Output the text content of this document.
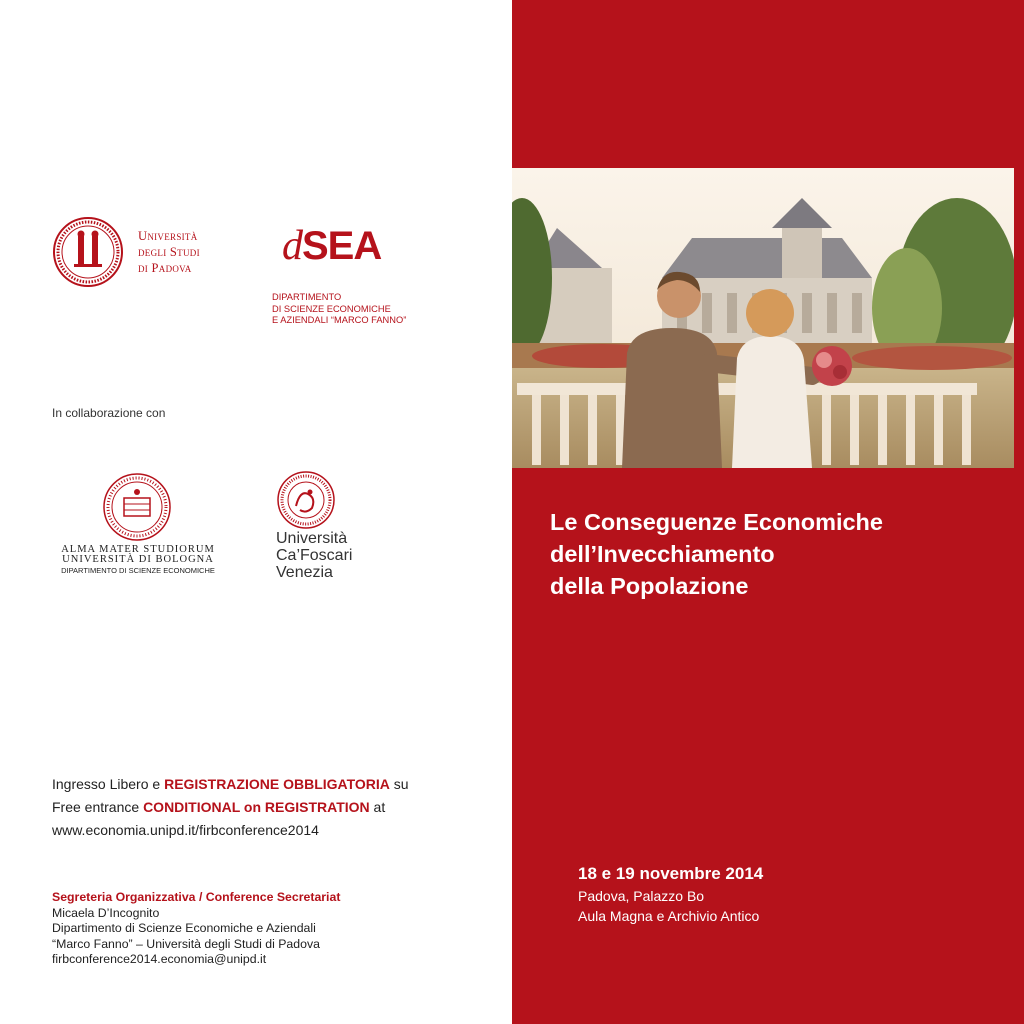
Università
degli Studi
di Padova dSEA
DIPARTIMENTO
DI SCIENZE ECONOMICHE
E AZIENDALI “MARCO FANNO”
In collaborazione con
ALMA MATER STUDIORUM
UNIVERSITÀ DI BOLOGNA
DIPARTIMENTO DI SCIENZE ECONOMICHE
Università
Ca’Foscari
Venezia
Ingresso Libero e REGISTRAZIONE OBBLIGATORIA su
Free entrance CONDITIONAL on REGISTRATION at
www.economia.unipd.it/firbconference2014
Segreteria Organizzativa / Conference Secretariat
Micaela D’Incognito
Dipartimento di Scienze Economiche e Aziendali
“Marco Fanno” – Università degli Studi di Padova
firbconference2014.economia@unipd.it
Le Conseguenze Economiche
dell’Invecchiamento
della Popolazione
18 e 19 novembre 2014
Padova, Palazzo Bo
Aula Magna e Archivio Antico
